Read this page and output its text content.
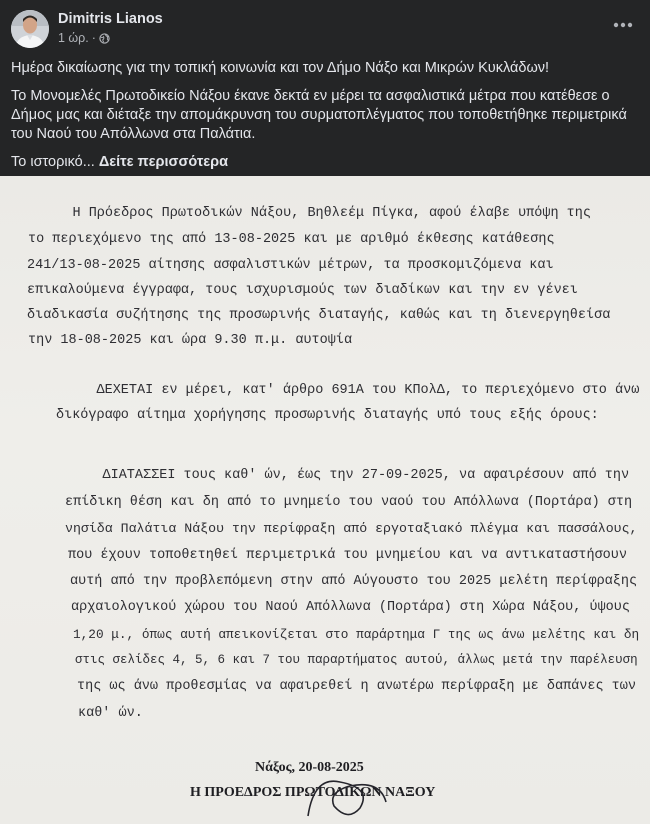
Dimitris Lianos
1 ώρ. ·

Ημέρα δικαίωσης για την τοπική κοινωνία και τον Δήμο Νάξο και Μικρών Κυκλάδων!

Το Μονομελές Πρωτοδικείο Νάξου έκανε δεκτά εν μέρει τα ασφαλιστικά μέτρα που κατέθεσε ο Δήμος μας και διέταξε την απομάκρυνση του συρματοπλέγματος που τοποθετήθηκε περιμετρικά του Ναού του Απόλλωνα στα Παλάτια.

Το ιστορικό... Δείτε περισσότερα

Η Πρόεδρος Πρωτοδικών Νάξου, Βηθλεέμ Πίγκα, αφού έλαβε υπόψη της
το περιεχόμενο της από 13-08-2025 και με αριθμό έκθεσης κατάθεσης
241/13-08-2025 αίτησης ασφαλιστικών μέτρων, τα προσκομιζόμενα και
επικαλούμενα έγγραφα, τους ισχυρισμούς των διαδίκων και την εν γένει
διαδικασία συζήτησης της προσωρινής διαταγής, καθώς και τη διενεργηθείσα
την 18-08-2025 και ώρα 9.30 π.μ. αυτοψία
ΔΕΧΕΤΑΙ εν μέρει, κατ' άρθρο 691Α του ΚΠολΔ, το περιεχόμενο στο άνω
δικόγραφο αίτημα χορήγησης προσωρινής διαταγής υπό τους εξής όρους:
ΔΙΑΤΑΣΣΕΙ τους καθ' ών, έως την 27-09-2025, να αφαιρέσουν από την
επίδικη θέση και δη από το μνημείο του ναού του Απόλλωνα (Πορτάρα) στη
νησίδα Παλάτια Νάξου την περίφραξη από εργοταξιακό πλέγμα και πασσάλους,
που έχουν τοποθετηθεί περιμετρικά του μνημείου και να αντικαταστήσουν
αυτή από την προβλεπόμενη στην από Αύγουστο του 2025 μελέτη περίφραξης
αρχαιολογικού χώρου του Ναού Απόλλωνα (Πορτάρα) στη Χώρα Νάξου, ύψους
1,20 μ., όπως αυτή απεικονίζεται στο παράρτημα Γ της ως άνω μελέτης και δη
στις σελίδες 4, 5, 6 και 7 του παραρτήματος αυτού, άλλως μετά την παρέλευση
της ως άνω προθεσμίας να αφαιρεθεί η ανωτέρω περίφραξη με δαπάνες των
καθ' ών.
Νάξος, 20-08-2025
Η ΠΡΟΕΔΡΟΣ ΠΡΩΤΟΔΙΚΩΝ ΝΑΞΟΥ
